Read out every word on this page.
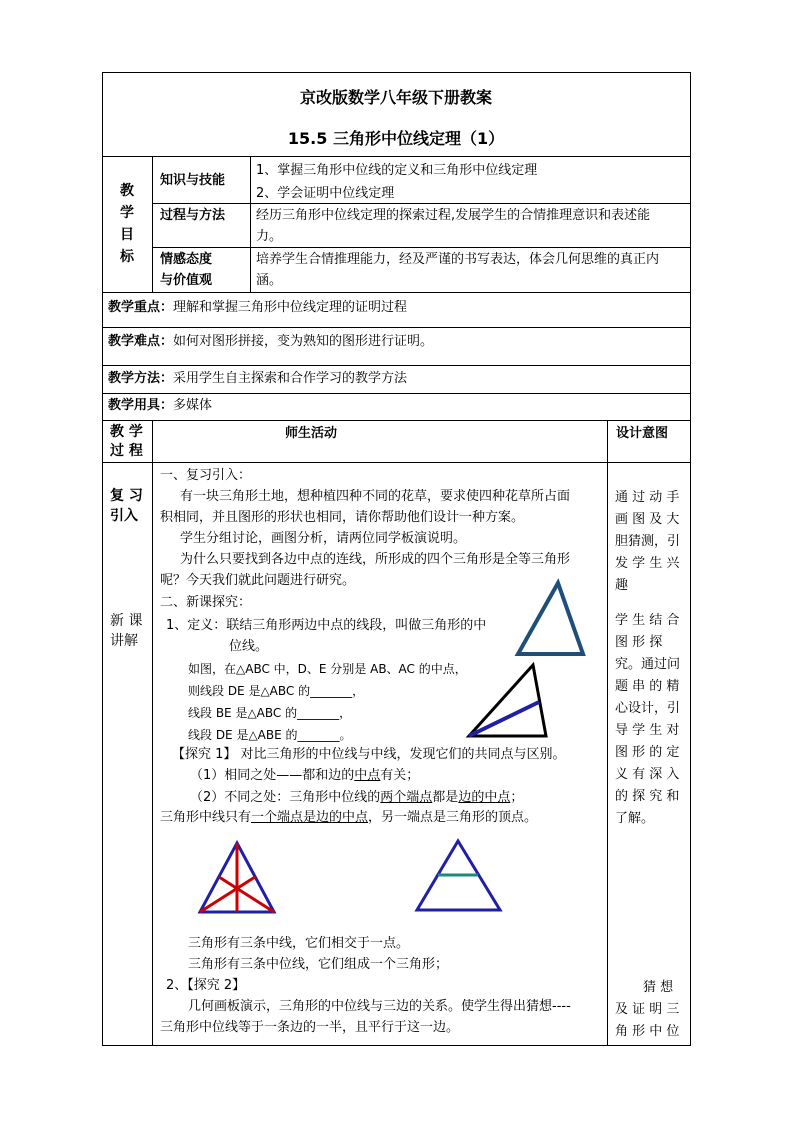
京改版数学八年级下册教案
15.5 三角形中位线定理（1）
教
学
目
标
知识与技能
1、掌握三角形中位线的定义和三角形中位线定理
2、学会证明中位线定理
过程与方法 经历三角形中位线定理的探索过程,发展学生的合情推理意识和表述能
力。
情感态度
与价值观
培养学生合情推理能力，经及严谨的书写表达，体会几何思维的真正内
涵。
教学重点：理解和掌握三角形中位线定理的证明过程
教学难点：如何对图形拼接，变为熟知的图形进行证明。
教学方法：采用学生自主探索和合作学习的教学方法
教学用具：多媒体
教 学
过 程
师生活动	设计意图
复 习
引入
新 课
讲解
一、复习引入：
有一块三角形土地，想种植四种不同的花草，要求使四种花草所占面
积相同，并且图形的形状也相同，请你帮助他们设计一种方案。
学生分组讨论，画图分析，请两位同学板演说明。
为什么只要找到各边中点的连线，所形成的四个三角形是全等三角形
呢？今天我们就此问题进行研究。
二、新课探究：
1、定义：联结三角形两边中点的线段，叫做三角形的中
位线。
如图，在△ABC 中，D、E 分别是 AB、AC 的中点，
则线段 DE 是△ABC 的_______，
线段 BE 是△ABC 的_______，
线段 DE 是△ABE 的_______。
【探究 1】 对比三角形的中位线与中线，发现它们的共同点与区别。
（1）相同之处——都和边的中点有关；
（2）不同之处：三角形中位线的两个端点都是边的中点；
三角形中线只有一个端点是边的中点，另一端点是三角形的顶点。
三角形有三条中线，它们相交于一点。
三角形有三条中位线，它们组成一个三角形；
2、【探究 2】
几何画板演示，三角形的中位线与三边的关系。使学生得出猜想----
三角形中位线等于一条边的一半，且平行于这一边。
通 过 动 手
画 图 及 大
胆猜测，引
发 学 生 兴
趣
学 生 结 合
图 形 探
究。通过问
题 串 的 精
心设计，引
导 学 生 对
图 形 的 定
义 有 深 入
的 探 究 和
了解。
猜 想
及 证 明 三
角 形 中 位
